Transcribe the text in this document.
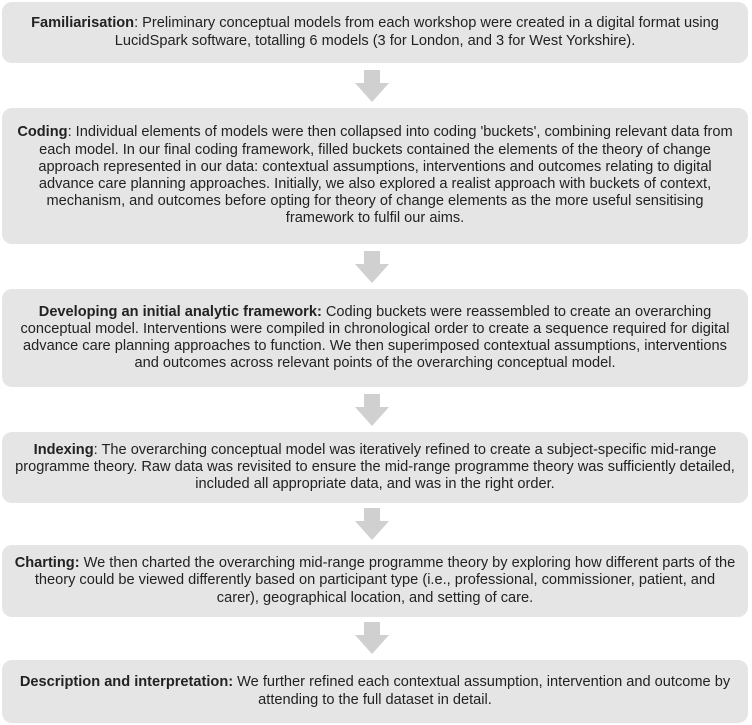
Familiarisation: Preliminary conceptual models from each workshop were created in a digital format using LucidSpark software, totalling 6 models (3 for London, and 3 for West Yorkshire).

Coding: Individual elements of models were then collapsed into coding 'buckets', combining relevant data from each model. In our final coding framework, filled buckets contained the elements of the theory of change approach represented in our data: contextual assumptions, interventions and outcomes relating to digital advance care planning approaches. Initially, we also explored a realist approach with buckets of context, mechanism, and outcomes before opting for theory of change elements as the more useful sensitising framework to fulfil our aims.

Developing an initial analytic framework: Coding buckets were reassembled to create an overarching conceptual model. Interventions were compiled in chronological order to create a sequence required for digital advance care planning approaches to function. We then superimposed contextual assumptions, interventions and outcomes across relevant points of the overarching conceptual model.

Indexing: The overarching conceptual model was iteratively refined to create a subject-specific mid-range programme theory. Raw data was revisited to ensure the mid-range programme theory was sufficiently detailed, included all appropriate data, and was in the right order.

Charting: We then charted the overarching mid-range programme theory by exploring how different parts of the theory could be viewed differently based on participant type (i.e., professional, commissioner, patient, and carer), geographical location, and setting of care.

Description and interpretation: We further refined each contextual assumption, intervention and outcome by attending to the full dataset in detail.
